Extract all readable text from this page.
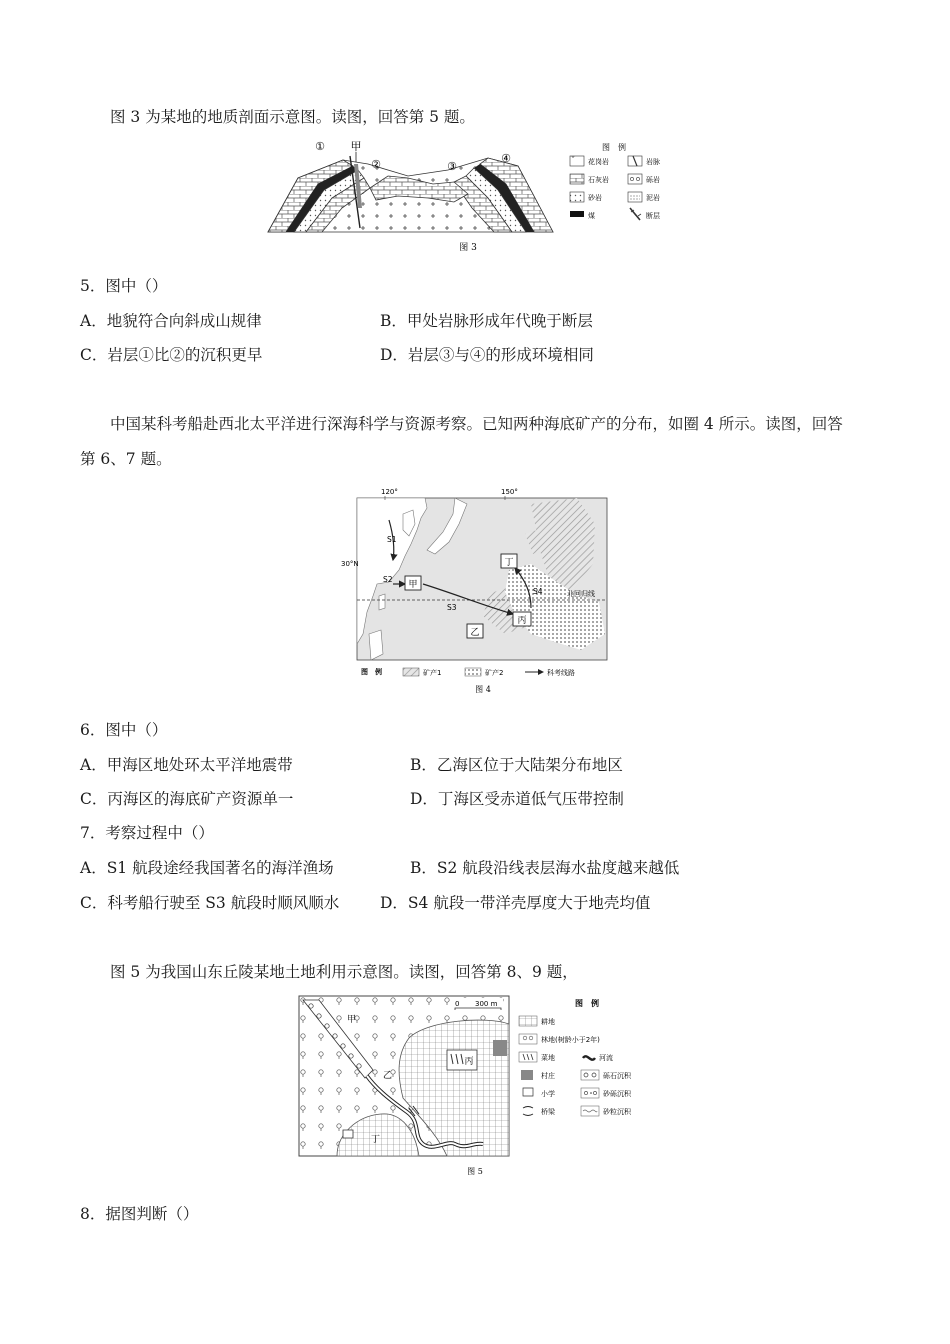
图 3 为某地的地质剖面示意图。读图，回答第 5 题。
① 甲
②	③
④
图 3
图　例
花岗岩	岩脉
石灰岩	砾岩
砂岩	泥岩
煤	断层
5．图中（）
A．地貌符合向斜成山规律	B．甲处岩脉形成年代晚于断层
C．岩层①比②的沉积更早	D．岩层③与④的形成环境相同
中国某科考船赴西北太平洋进行深海科学与资源考察。已知两种海底矿产的分布，如圈 4 所示。读图，回答
第 6、7 题。
120°	150°
30°N
北回归线
S1
S2
S3
S4
甲
乙
丙
丁
图　例	矿产1	矿产2	科考线路
图 4
6．图中（）
A．甲海区地处环太平洋地震带	B．乙海区位于大陆架分布地区
C．丙海区的海底矿产资源单一	D．丁海区受赤道低气压带控制
7．考察过程中（）
A．S1 航段途经我国著名的海洋渔场	B．S2 航段沿线表层海水盐度越来越低
C．科考船行驶至 S3 航段时顺风顺水	D．S4 航段一带洋壳厚度大于地壳均值
图 5 为我国山东丘陵某地土地利用示意图。读图，回答第 8、9 题，
丙
甲
乙
丁
0 300 m	图　例
耕地
林地(树龄小于2年)
菜地	河流
村庄	砾石沉积
小学	砂砾沉积
桥梁	砂粒沉积
图 5
8．据图判断（）
